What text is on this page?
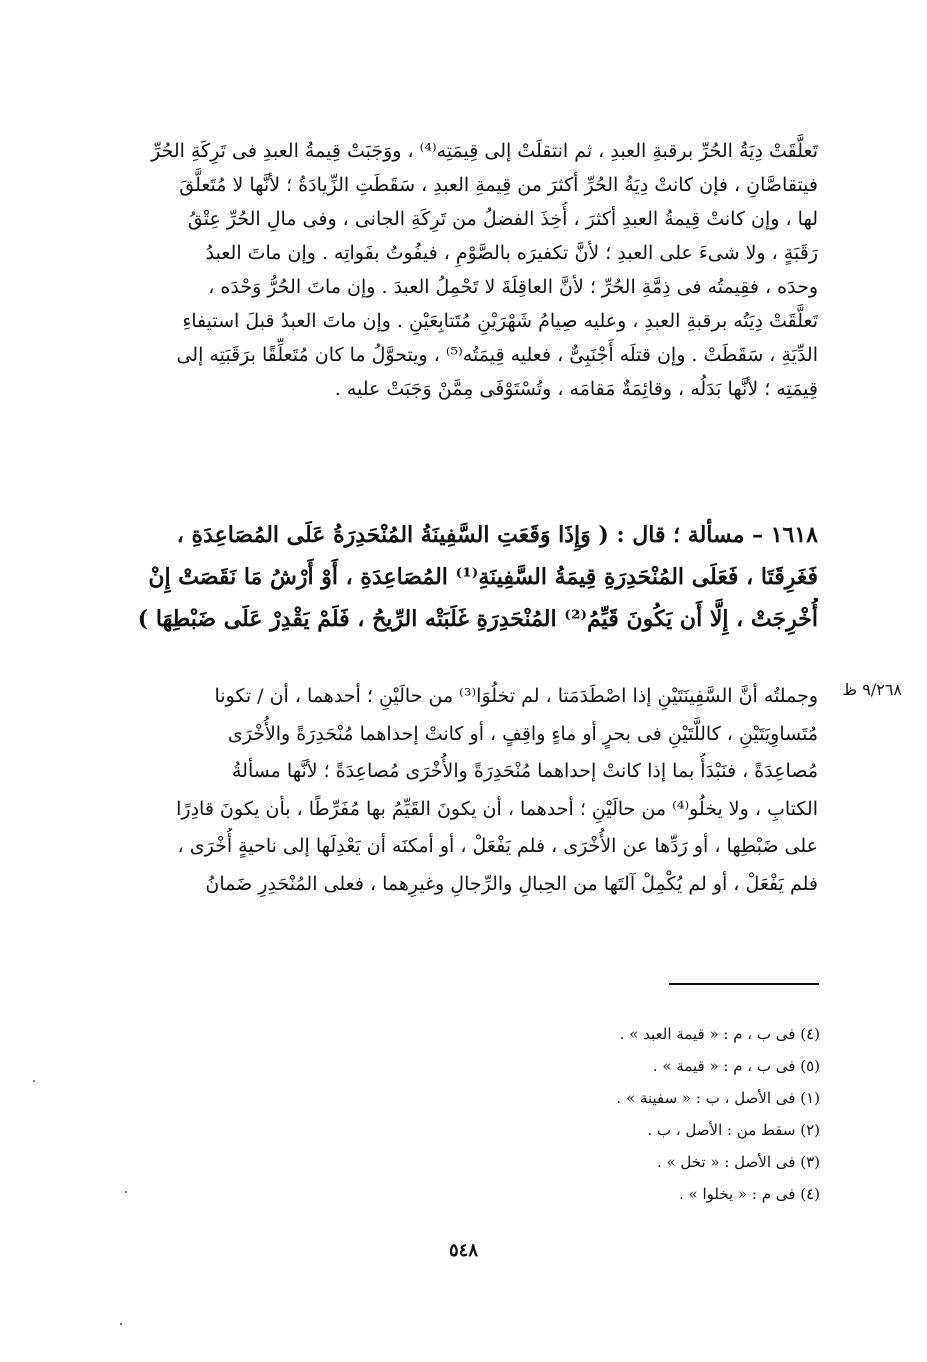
تَعلَّقَتْ دِيَةُ الحُرِّ برقبةِ العبدِ ، ثم انتقلَتْ إلى قِيمَتِه⁽⁴⁾ ، ووَجَبَتْ قِيمةُ العبدِ فى تَرِكَةِ الحُرِّ
فيتقاصَّانِ ، فإن كانتْ دِيَةُ الحُرِّ أكثرَ من قِيمةِ العبدِ ، سَقَطَتِ الزِّيادَةُ ؛ لأنَّها لا مُتَعلَّقَ
لها ، وإن كانتْ قِيمةُ العبدِ أكثرَ ، أُخِذَ الفضلُ من تَرِكَةِ الجانى ، وفى مالِ الحُرِّ عِتْقُ
رَقَبَةٍ ، ولا شىءَ على العبدِ ؛ لأنَّ تكفيرَه بالصَّوْمِ ، فيفُوتُ بفَواتِه . وإن ماتَ العبدُ
وحدَه ، فقِيمتُه فى ذِمَّةِ الحُرِّ ؛ لأنَّ العاقِلَةَ لا تَحْمِلُ العبدَ . وإن ماتَ الحُرُّ وَحْدَه ،
تَعلَّقَتْ دِيَتُه برقبةِ العبدِ ، وعليه صِيامُ شَهْرَيْنِ مُتَتابِعَيْنِ . وإن ماتَ العبدُ قبلَ استيفاءِ
الدِّيَةِ ، سَقَطَتْ . وإن قتلَه أَجْنَبِىٌّ ، فعليه قِيمَتُه⁽⁵⁾ ، ويتحوَّلُ ما كان مُتَعلِّقًا برَقَبَتِه إلى
قِيمَتِه ؛ لأنَّها بَدَلُه ، وقائِمَةٌ مَقامَه ، وتُسْتَوْفَى مِمَّنْ وَجَبَتْ عليه .
١٦١٨ – مسألة ؛ قال : ( وَإِذَا وَقَعَتِ السَّفِينَةُ المُنْحَدِرَةُ عَلَى المُصَاعِدَةِ ،
فَغَرِقَتَا ، فَعَلَى المُنْحَدِرَةِ قِيمَةُ السَّفِينَةِ⁽¹⁾ المُصَاعِدَةِ ، أَوْ أَرْشُ مَا نَقَصَتْ إِنْ
أُخْرِجَتْ ، إِلَّا أَن يَكُونَ قَيِّمُ⁽²⁾ المُنْحَدِرَةِ غَلَبَتْه الرِّيحُ ، فَلَمْ يَقْدِرْ عَلَى ضَبْطِهَا )
٩/٢٦٨ ظ
وجملتُه أنَّ السَّفِينَتَيْنِ إذا اصْطَدَمَتا ، لم تخلُوَا⁽³⁾ من حالَيْنِ ؛ أحدهما ، أن / تكونا
مُتَساوِيَتَيْنِ ، كاللَّتَيْنِ فى بحرٍ أو ماءٍ واقِفٍ ، أو كانتْ إحداهما مُنْحَدِرَةً والأُخْرَى
مُصاعِدَةً ، فنَبْدَأُ بما إذا كانتْ إحداهما مُنْحَدِرَةً والأُخْرَى مُصاعِدَةً ؛ لأنَّها مسألةُ
الكتابِ ، ولا يخلُو⁽⁴⁾ من حالَيْنِ ؛ أحدهما ، أن يكونَ القَيِّمُ بها مُفَرِّطًا ، بأن يكونَ قادِرًا
على ضَبْطِها ، أو رَدِّها عن الأُخْرَى ، فلم يَفْعَلْ ، أو أمكنَه أن يَعْدِلَها إلى ناحيةٍ أُخْرَى ،
فلم يَفْعَلْ ، أو لم يُكْمِلْ آلتَها من الحِبالِ والرِّجالِ وغيرِهما ، فعلى المُنْحَدِرِ ضَمانُ
(٤) فى ب ، م : « قيمة العبد » .
(٥) فى ب ، م : « قيمة » .
(١) فى الأصل ، ب : « سفينة » .
(٢) سقط من : الأصل ، ب .
(٣) فى الأصل : « تخل » .
(٤) فى م : « يخلوا » .
٥٤٨
